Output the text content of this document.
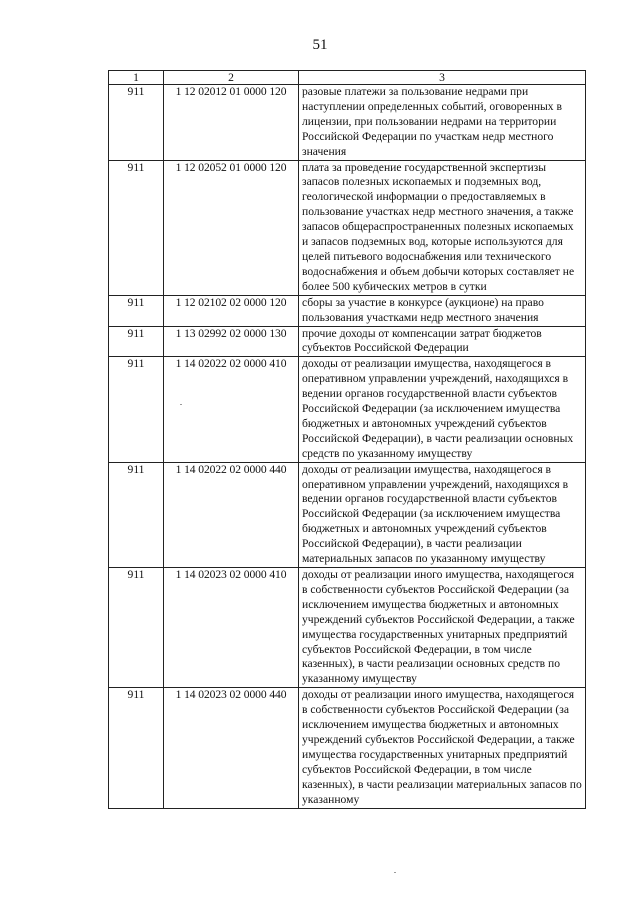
51
1	2	3
911	1 12 02012 01 0000 120	разовые платежи за пользование недрами при наступлении определенных событий, оговоренных в лицензии, при пользовании недрами на территории Российской Федерации по участкам недр местного значения
911	1 12 02052 01 0000 120	плата за проведение государственной экспертизы запасов полезных ископаемых и подземных вод, геологической информации о предоставляемых в пользование участках недр местного значения, а также запасов общераспространенных полезных ископаемых и запасов подземных вод, которые используются для целей питьевого водоснабжения или технического водоснабжения и объем добычи которых составляет не более 500 кубических метров в сутки
911	1 12 02102 02 0000 120	сборы за участие в конкурсе (аукционе) на право пользования участками недр местного значения
911	1 13 02992 02 0000 130	прочие доходы от компенсации затрат бюджетов субъектов Российской Федерации
911	1 14 02022 02 0000 410	доходы от реализации имущества, находящегося в оперативном управлении учреждений, находящихся в ведении органов государственной власти субъектов Российской Федерации (за исключением имущества бюджетных и автономных учреждений субъектов Российской Федерации), в части реализации основных средств по указанному имуществу
911	1 14 02022 02 0000 440	доходы от реализации имущества, находящегося в оперативном управлении учреждений, находящихся в ведении органов государственной власти субъектов Российской Федерации (за исключением имущества бюджетных и автономных учреждений субъектов Российской Федерации), в части реализации материальных запасов по указанному имуществу
911	1 14 02023 02 0000 410	доходы от реализации иного имущества, находящегося в собственности субъектов Российской Федерации (за исключением имущества бюджетных и автономных учреждений субъектов Российской Федерации, а также имущества государственных унитарных предприятий субъектов Российской Федерации, в том числе казенных), в части реализации основных средств по указанному имуществу
911	1 14 02023 02 0000 440	доходы от реализации иного имущества, находящегося в собственности субъектов Российской Федерации (за исключением имущества бюджетных и автономных учреждений субъектов Российской Федерации, а также имущества государственных унитарных предприятий субъектов Российской Федерации, в том числе казенных), в части реализации материальных запасов по указанному
